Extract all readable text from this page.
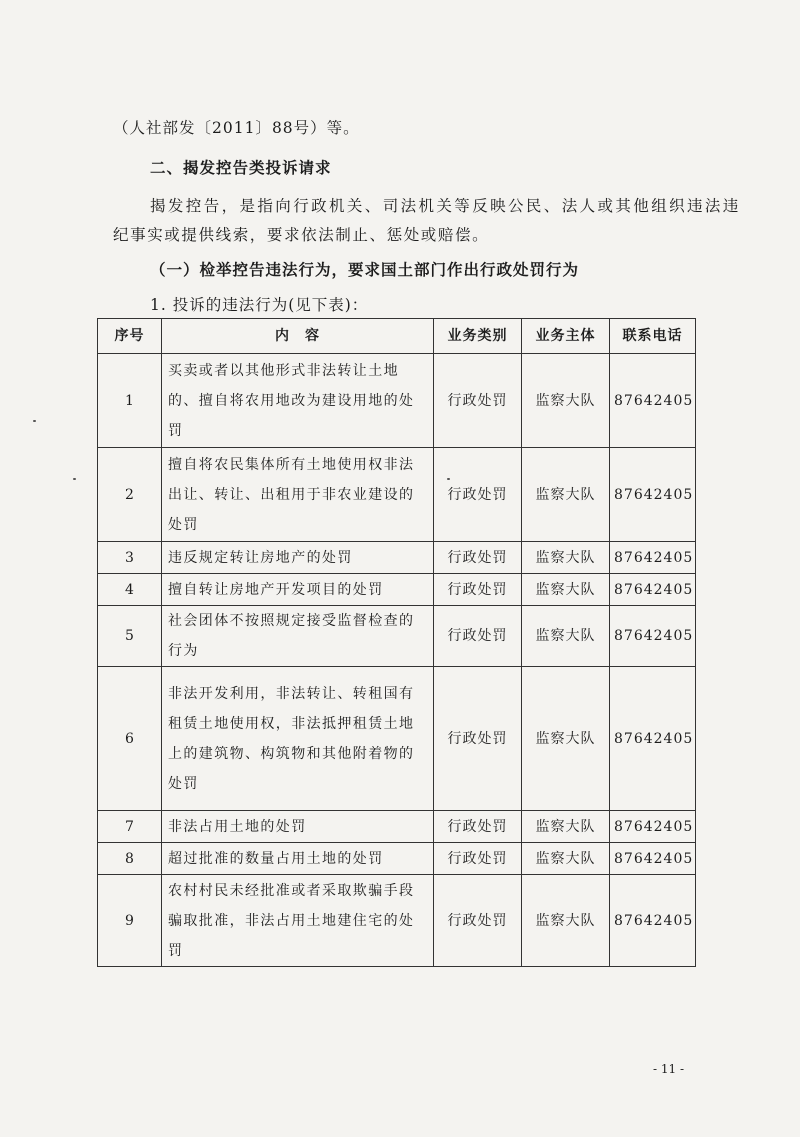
（人社部发〔2011〕88号）等。
二、揭发控告类投诉请求
揭发控告，是指向行政机关、司法机关等反映公民、法人或其他组织违法违
纪事实或提供线索，要求依法制止、惩处或赔偿。
（一）检举控告违法行为，要求国土部门作出行政处罚行为
1. 投诉的违法行为(见下表)：
序号	内　容	业务类别	业务主体	联系电话
1	买卖或者以其他形式非法转让土地的、擅自将农用地改为建设用地的处罚	行政处罚	监察大队	87642405
2	擅自将农民集体所有土地使用权非法出让、转让、出租用于非农业建设的处罚	行政处罚	监察大队	87642405
3	违反规定转让房地产的处罚	行政处罚	监察大队	87642405
4	擅自转让房地产开发项目的处罚	行政处罚	监察大队	87642405
5	社会团体不按照规定接受监督检查的行为	行政处罚	监察大队	87642405
6	非法开发利用，非法转让、转租国有租赁土地使用权，非法抵押租赁土地上的建筑物、构筑物和其他附着物的处罚	行政处罚	监察大队	87642405
7	非法占用土地的处罚	行政处罚	监察大队	87642405
8	超过批准的数量占用土地的处罚	行政处罚	监察大队	87642405
9	农村村民未经批准或者采取欺骗手段骗取批准，非法占用土地建住宅的处罚	行政处罚	监察大队	87642405
- 11 -
